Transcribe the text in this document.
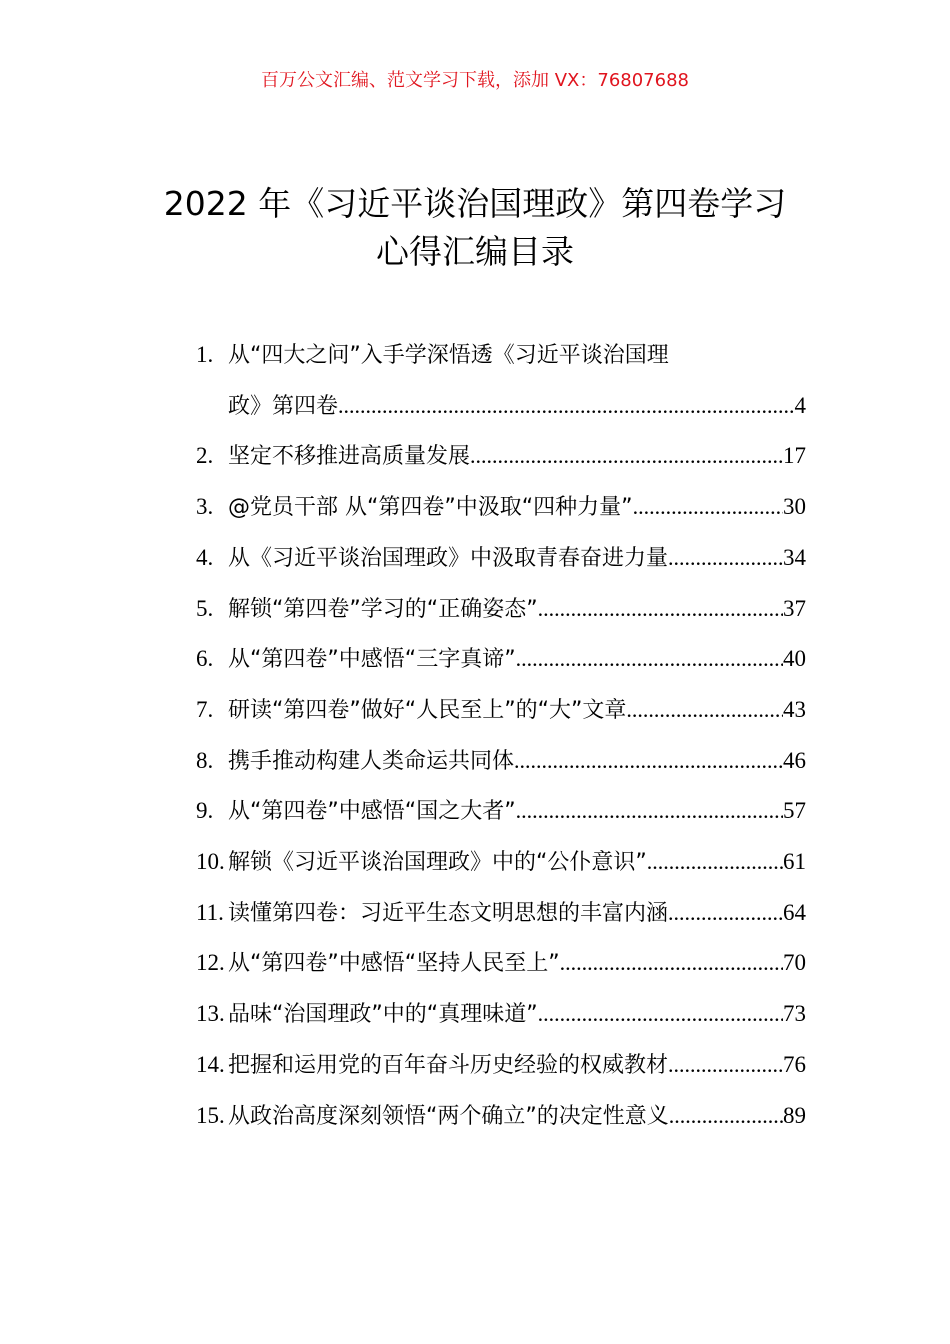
百万公文汇编、范文学习下载，添加 VX：76807688
2022 年《习近平谈治国理政》第四卷学习
心得汇编目录
1. 从“四大之问”入手学深悟透《习近平谈治国理
政》第四卷 .....	4
2. 坚定不移推进高质量发展 .....	17
3. @党员干部 从“第四卷”中汲取“四种力量” .....	30
4. 从《习近平谈治国理政》中汲取青春奋进力量 .....	34
5. 解锁“第四卷”学习的“正确姿态” .....	37
6. 从“第四卷”中感悟“三字真谛” .....	40
7. 研读“第四卷”做好“人民至上”的“大”文章 .....	43
8. 携手推动构建人类命运共同体 .....	46
9. 从“第四卷”中感悟“国之大者” .....	57
10. 解锁《习近平谈治国理政》中的“公仆意识” .....	61
11. 读懂第四卷：习近平生态文明思想的丰富内涵 .....	64
12. 从“第四卷”中感悟“坚持人民至上” .....	70
13. 品味“治国理政”中的“真理味道” .....	73
14. 把握和运用党的百年奋斗历史经验的权威教材 .....	76
15. 从政治高度深刻领悟“两个确立”的决定性意义 .....	89
